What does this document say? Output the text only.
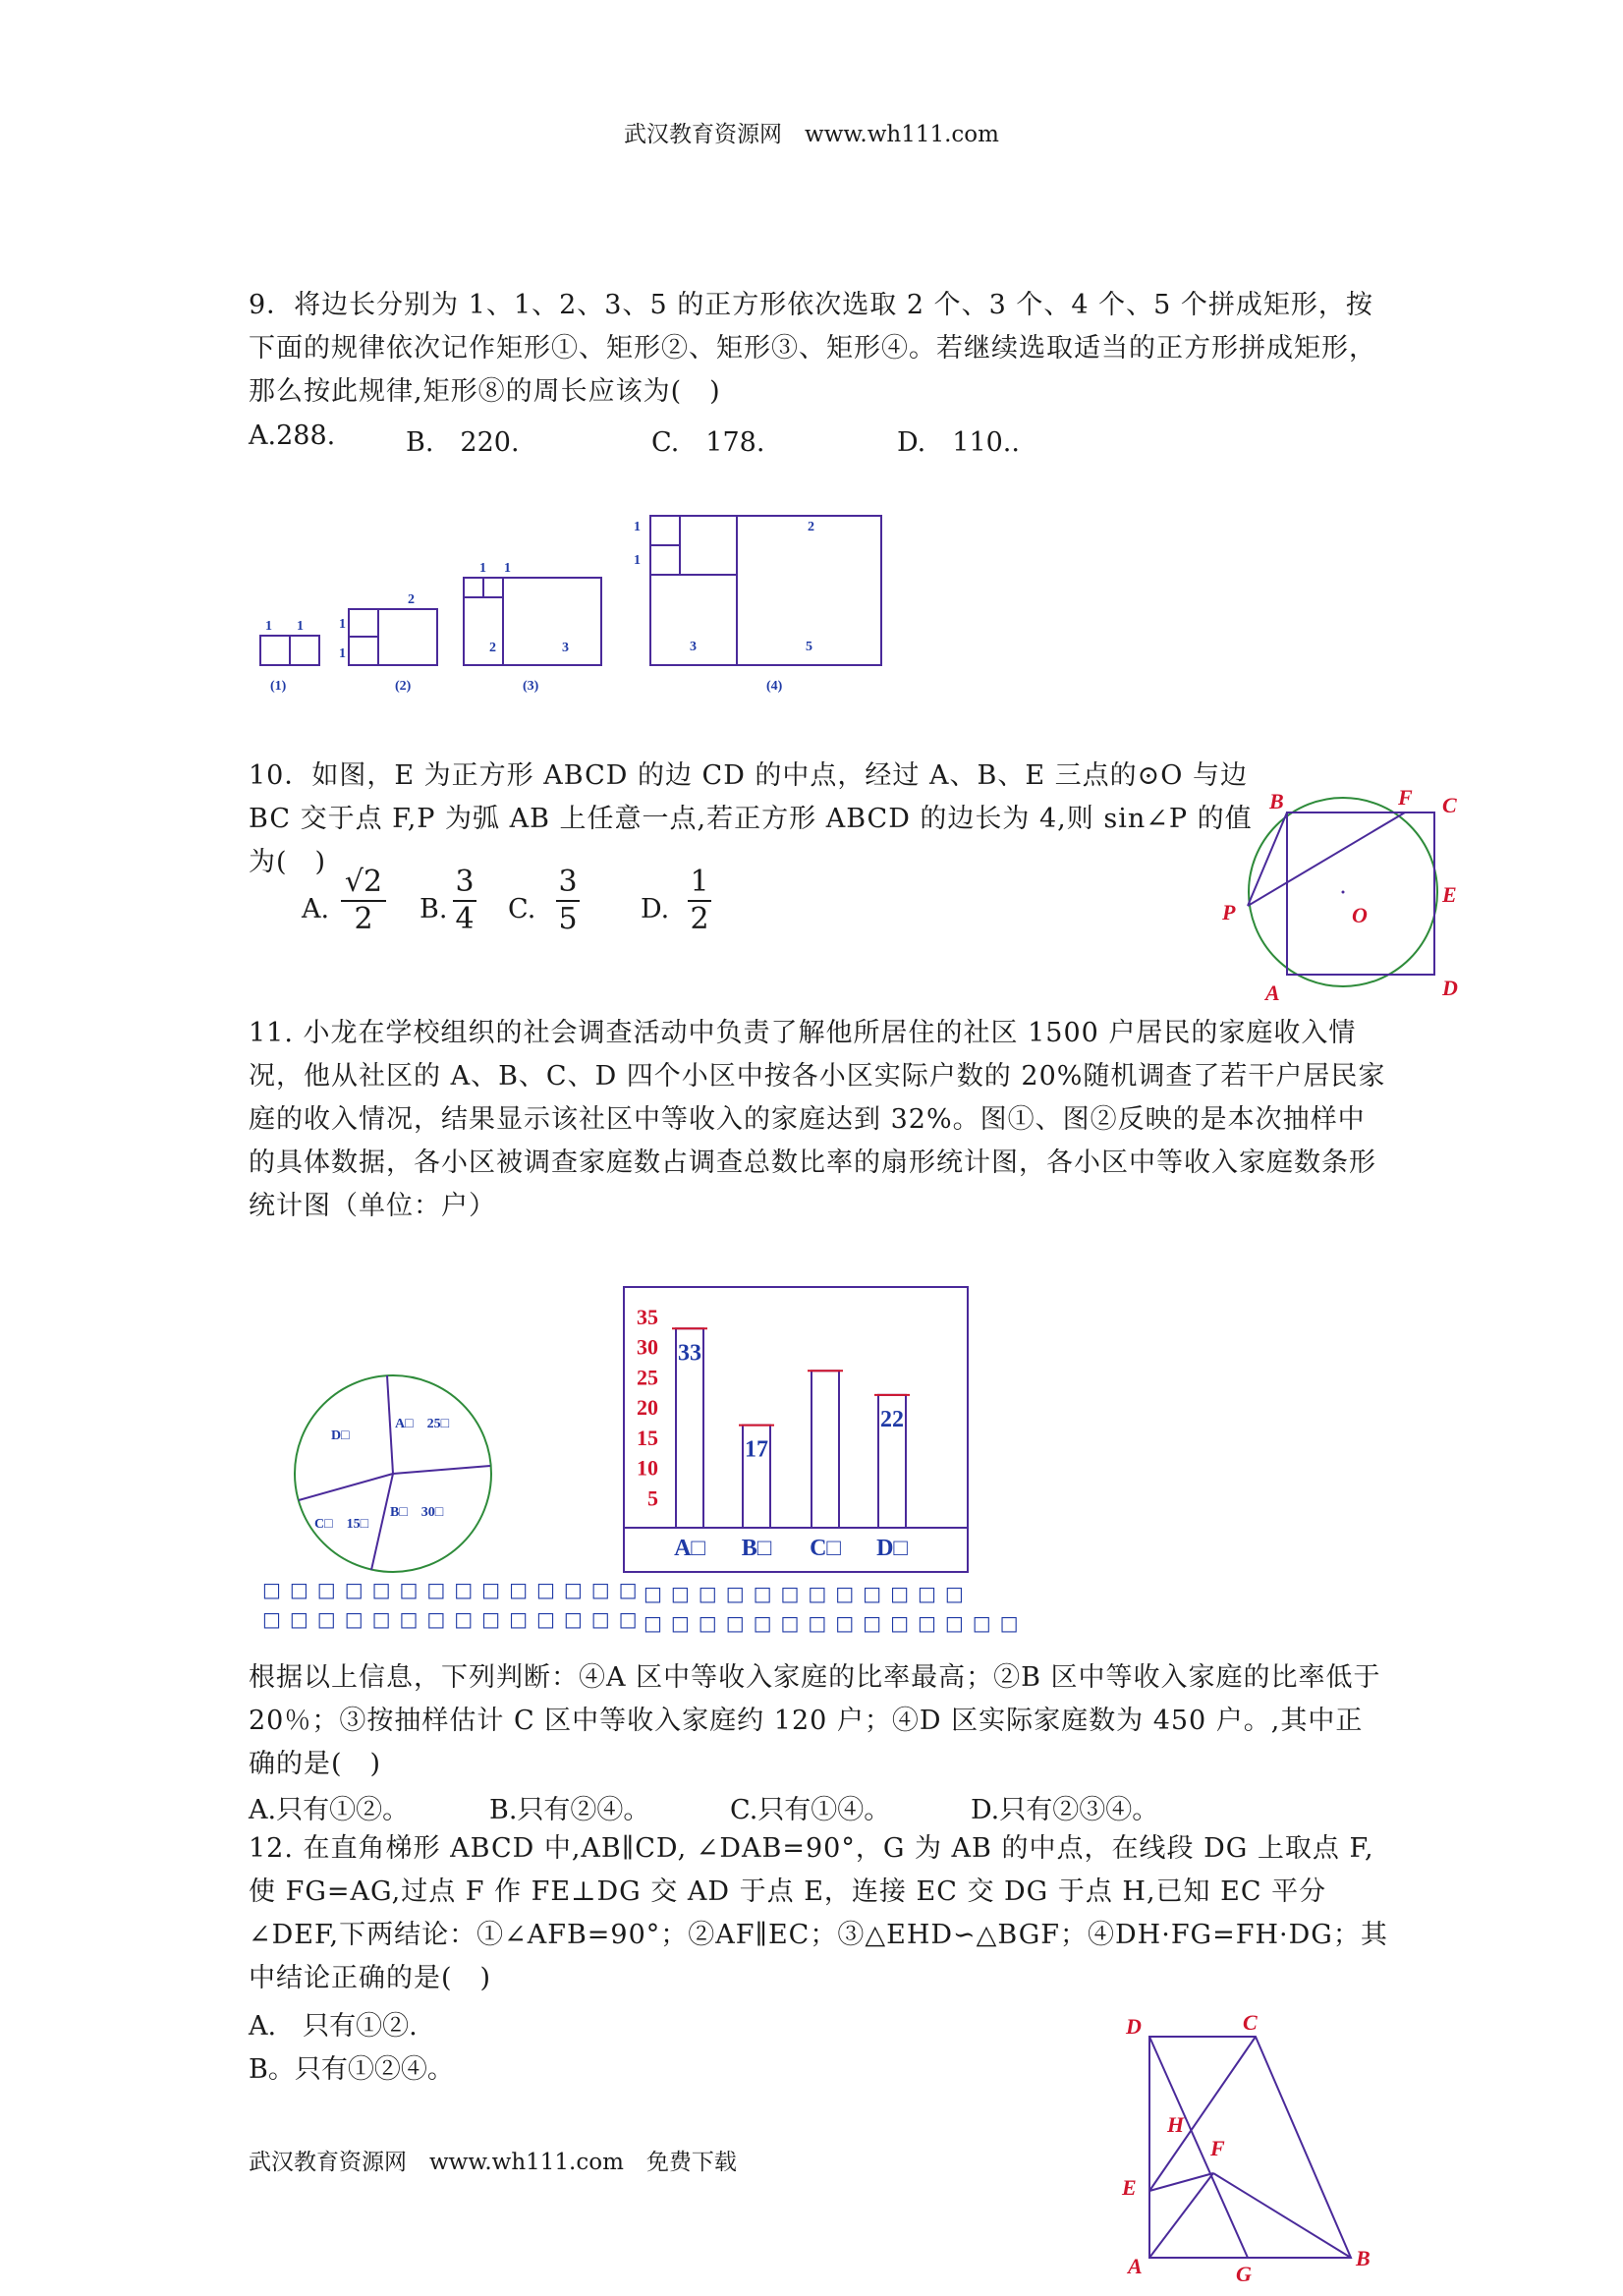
武汉教育资源网　www.wh111.com
9．将边长分别为 1、1、2、3、5 的正方形依次选取 2 个、3 个、4 个、5 个拼成矩形，按下面的规律依次记作矩形①、矩形②、矩形③、矩形④。若继续选取适当的正方形拼成矩形，那么按此规律,矩形⑧的周长应该为(　)
A.288.	B.　220.	C.　178.	D.　110..
1 1	1
1
2
1 1
2	3
1
1
2
3	5
(1)	(2)	(3)	(4)
10．如图，E 为正方形 ABCD 的边 CD 的中点，经过 A、B、E 三点的⊙O 与边 BC 交于点 F,P 为弧 AB 上任意一点,若正方形 ABCD 的边长为 4,则 sin∠P 的值为(　)
A.
√2
2	B.
3
4 C.
3
5 D.
1
2
B	F C
E
P	O
A	D
11. 小龙在学校组织的社会调查活动中负责了解他所居住的社区 1500 户居民的家庭收入情况，他从社区的 A、B、C、D 四个小区中按各小区实际户数的 20%随机调查了若干户居民家庭的收入情况，结果显示该社区中等收入的家庭达到 32%。图①、图②反映的是本次抽样中的具体数据，各小区被调查家庭数占调查总数比率的扇形统计图，各小区中等收入家庭数条形统计图（单位：户）
A□　25□
B□　30□
C□　15□
D□
□□□□□□□□□□□□□□
□□□□□□□□□□□□□□
5
10
15
20
25
30
35
33
17
22
A□ B□ C□ D□
□□□□□□□□□□□□
□□□□□□□□□□□□□□
根据以上信息，下列判断：④A 区中等收入家庭的比率最高；②B 区中等收入家庭的比率低于 20％；③按抽样估计 C 区中等收入家庭约 120 户；④D 区实际家庭数为 450 户。,其中正确的是(　)
A.只有①②。	B.只有②④。	C.只有①④。	D.只有②③④。
12. 在直角梯形 ABCD 中,AB∥CD, ∠DAB=90°，G 为 AB 的中点，在线段 DG 上取点 F,使 FG=AG,过点 F 作 FE⊥DG 交 AD 于点 E，连接 EC 交 DG 于点 H,已知 EC 平分∠DEF,下两结论：①∠AFB=90°；②AF∥EC；③△EHD∽△BGF；④DH·FG=FH·DG；其中结论正确的是(　)
A.　只有①②.
B。只有①②④。
D	C
H
F
E
A	G
B
武汉教育资源网　www.wh111.com　免费下载
